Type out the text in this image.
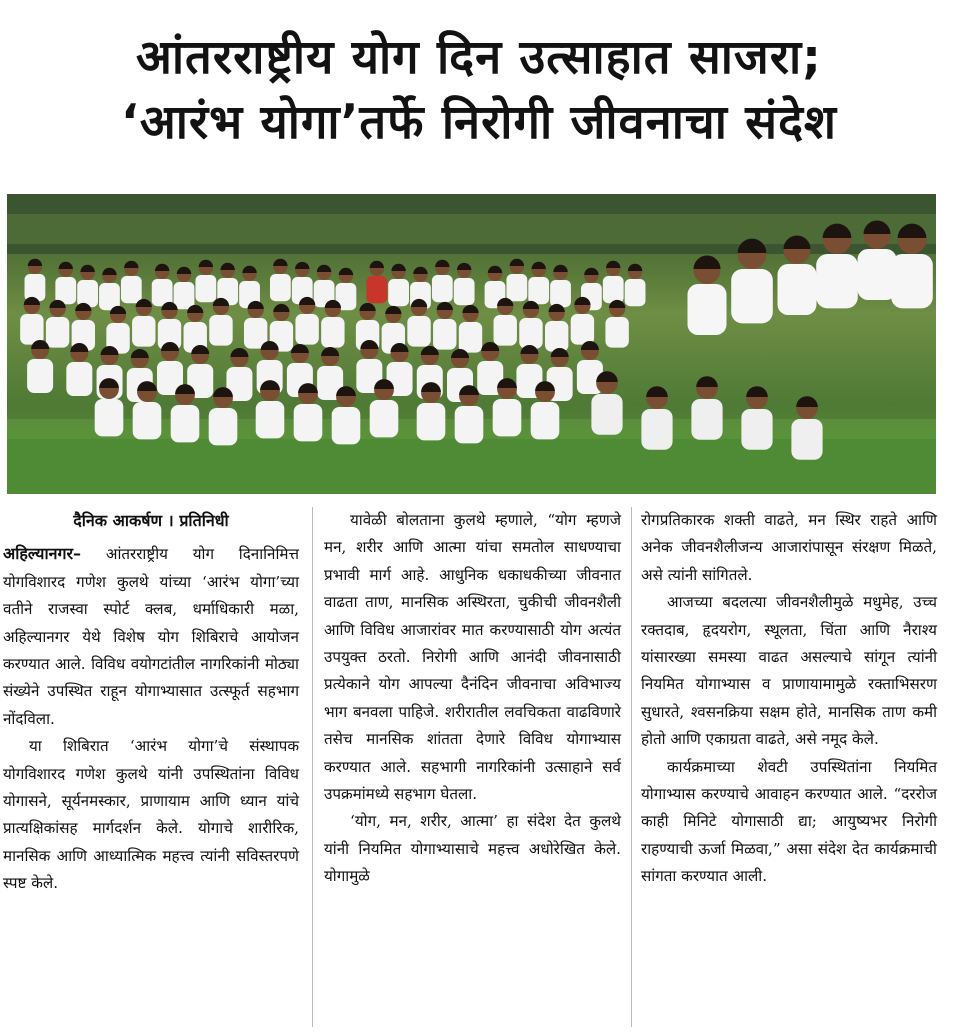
आंतरराष्ट्रीय योग दिन उत्साहात साजरा;
‘आरंभ योगा’तर्फे निरोगी जीवनाचा संदेश
दैनिक आकर्षण । प्रतिनिधी

अहिल्यानगर– आंतरराष्ट्रीय योग दिनानिमित्त योगविशारद गणेश कुलथे यांच्या ‘आरंभ योगा’च्या वतीने राजस्वा स्पोर्ट क्लब, धर्माधिकारी मळा, अहिल्यानगर येथे विशेष योग शिबिराचे आयोजन करण्यात आले. विविध वयोगटांतील नागरिकांनी मोठ्या संख्येने उपस्थित राहून योगाभ्यासात उत्स्फूर्त सहभाग नोंदविला.

या शिबिरात ‘आरंभ योगा’चे संस्थापक योगविशारद गणेश कुलथे यांनी उपस्थितांना विविध योगासने, सूर्यनमस्कार, प्राणायाम आणि ध्यान यांचे प्रात्यक्षिकांसह मार्गदर्शन केले. योगाचे शारीरिक, मानसिक आणि आध्यात्मिक महत्त्व त्यांनी सविस्तरपणे स्पष्ट केले.

यावेळी बोलताना कुलथे म्हणाले, “योग म्हणजे मन, शरीर आणि आत्मा यांचा समतोल साधण्याचा प्रभावी मार्ग आहे. आधुनिक धकाधकीच्या जीवनात वाढता ताण, मानसिक अस्थिरता, चुकीची जीवनशैली आणि विविध आजारांवर मात करण्यासाठी योग अत्यंत उपयुक्त ठरतो. निरोगी आणि आनंदी जीवनासाठी प्रत्येकाने योग आपल्या दैनंदिन जीवनाचा अविभाज्य भाग बनवला पाहिजे. शरीरातील लवचिकता वाढविणारे तसेच मानसिक शांतता देणारे विविध योगाभ्यास करण्यात आले. सहभागी नागरिकांनी उत्साहाने सर्व उपक्रमांमध्ये सहभाग घेतला.

‘योग, मन, शरीर, आत्मा’ हा संदेश देत कुलथे यांनी नियमित योगाभ्यासाचे महत्त्व अधोरेखित केले. योगामुळे

रोगप्रतिकारक शक्ती वाढते, मन स्थिर राहते आणि अनेक जीवनशैलीजन्य आजारांपासून संरक्षण मिळते, असे त्यांनी सांगितले.

आजच्या बदलत्या जीवनशैलीमुळे मधुमेह, उच्च रक्तदाब, हृदयरोग, स्थूलता, चिंता आणि नैराश्य यांसारख्या समस्या वाढत असल्याचे सांगून त्यांनी नियमित योगाभ्यास व प्राणायामामुळे रक्ताभिसरण सुधारते, श्वसनक्रिया सक्षम होते, मानसिक ताण कमी होतो आणि एकाग्रता वाढते, असे नमूद केले.

कार्यक्रमाच्या शेवटी उपस्थितांना नियमित योगाभ्यास करण्याचे आवाहन करण्यात आले. “दररोज काही मिनिटे योगासाठी द्या; आयुष्यभर निरोगी राहण्याची ऊर्जा मिळवा,” असा संदेश देत कार्यक्रमाची सांगता करण्यात आली.
